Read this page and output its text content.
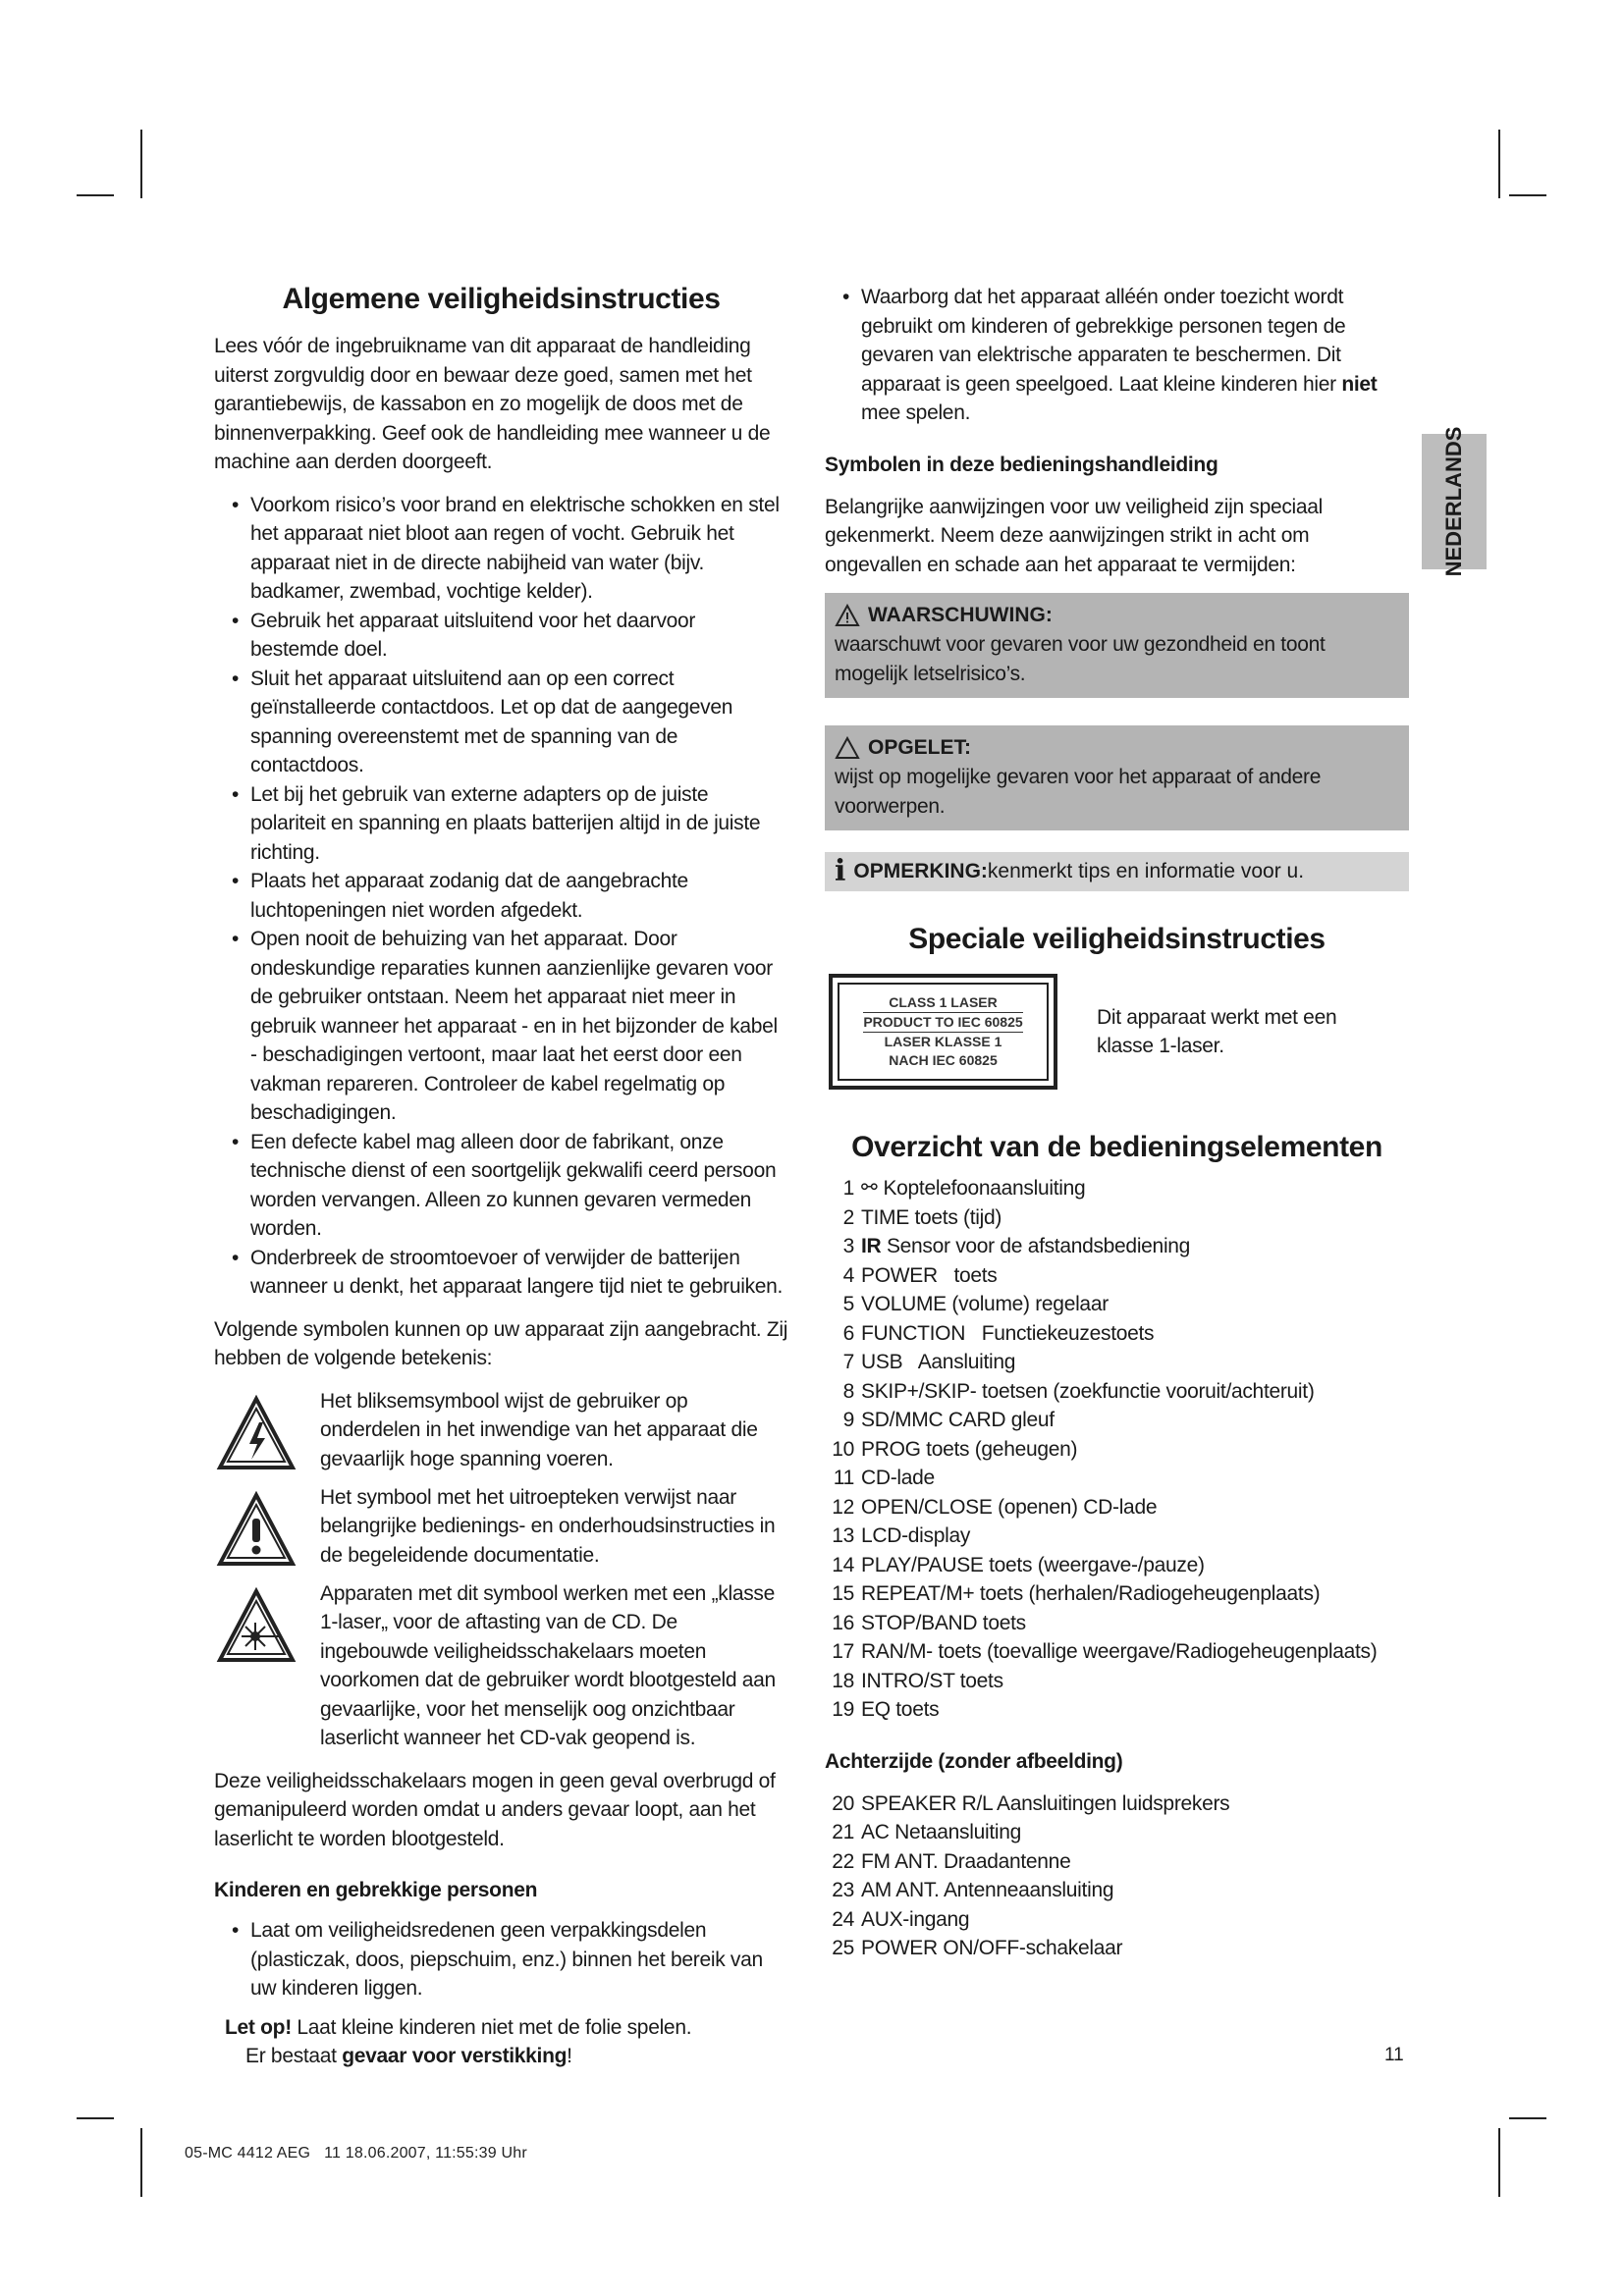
Algemene veiligheidsinstructies

Lees vóór de ingebruikname van dit apparaat de handleiding uiterst zorgvuldig door en bewaar deze goed, samen met het garantiebewijs, de kassabon en zo mogelijk de doos met de binnenverpakking. Geef ook de handleiding mee wanneer u de machine aan derden doorgeeft.

• Voorkom risico’s voor brand en elektrische schokken en stel het apparaat niet bloot aan regen of vocht. Gebruik het apparaat niet in de directe nabijheid van water (bijv. badkamer, zwembad, vochtige kelder).
• Gebruik het apparaat uitsluitend voor het daarvoor bestemde doel.
• Sluit het apparaat uitsluitend aan op een correct geïnstalleerde contactdoos. Let op dat de aangegeven spanning overeenstemt met de spanning van de contactdoos.
• Let bij het gebruik van externe adapters op de juiste polariteit en spanning en plaats batterijen altijd in de juiste richting.
• Plaats het apparaat zodanig dat de aangebrachte luchtopeningen niet worden afgedekt.
• Open nooit de behuizing van het apparaat. Door ondeskundige reparaties kunnen aanzienlijke gevaren voor de gebruiker ontstaan. Neem het apparaat niet meer in gebruik wanneer het apparaat - en in het bijzonder de kabel - beschadigingen vertoont, maar laat het eerst door een vakman repareren. Controleer de kabel regelmatig op beschadigingen.
• Een defecte kabel mag alleen door de fabrikant, onze technische dienst of een soortgelijk gekwalifi ceerd persoon worden vervangen. Alleen zo kunnen gevaren vermeden worden.
• Onderbreek de stroomtoevoer of verwijder de batterijen wanneer u denkt, het apparaat langere tijd niet te gebruiken.

Volgende symbolen kunnen op uw apparaat zijn aangebracht. Zij hebben de volgende betekenis:

Het bliksemsymbool wijst de gebruiker op onderdelen in het inwendige van het apparaat die gevaarlijk hoge spanning voeren.

Het symbool met het uitroepteken verwijst naar belangrijke bedienings- en onderhoudsinstructies in de begeleidende documentatie.

Apparaten met dit symbool werken met een „klasse 1-laser„ voor de aftasting van de CD. De ingebouwde veiligheidsschakelaars moeten voorkomen dat de gebruiker wordt blootgesteld aan gevaarlijke, voor het menselijk oog onzichtbaar laserlicht wanneer het CD-vak geopend is.

Deze veiligheidsschakelaars mogen in geen geval overbrugd of gemanipuleerd worden omdat u anders gevaar loopt, aan het laserlicht te worden blootgesteld.

Kinderen en gebrekkige personen
• Laat om veiligheidsredenen geen verpakkingsdelen (plasticzak, doos, piepschuim, enz.) binnen het bereik van uw kinderen liggen.

Let op! Laat kleine kinderen niet met de folie spelen.

Er bestaat gevaar voor verstikking!

• Waarborg dat het apparaat alléén onder toezicht wordt gebruikt om kinderen of gebrekkige personen tegen de gevaren van elektrische apparaten te beschermen. Dit apparaat is geen speelgoed. Laat kleine kinderen hier niet mee spelen.
Symbolen in deze bedieningshandleiding

Belangrijke aanwijzingen voor uw veiligheid zijn speciaal gekenmerkt. Neem deze aanwijzingen strikt in acht om ongevallen en schade aan het apparaat te vermijden:

WAARSCHUWING:

waarschuwt voor gevaren voor uw gezondheid en toont mogelijk letselrisico’s.

OPGELET:

wijst op mogelijke gevaren voor het apparaat of andere voorwerpen.

i OPMERKING: kenmerkt tips en informatie voor u.
Speciale veiligheidsinstructies
CLASS 1 LASER
PRODUCT TO IEC 60825
LASER KLASSE 1
NACH IEC 60825

Dit apparaat werkt met een klasse 1-laser.

Overzicht van de bedieningselementen
1 ⚯ Koptelefoonaansluiting
2 TIME toets (tijd)
3 IR Sensor voor de afstandsbediening
4 POWER   toets
5 VOLUME (volume) regelaar
6 FUNCTION   Functiekeuzestoets
7 USB   Aansluiting
8 SKIP+/SKIP- toetsen (zoekfunctie vooruit/achteruit)
9 SD/MMC CARD gleuf
10 PROG toets (geheugen)
11 CD-lade
12 OPEN/CLOSE (openen) CD-lade
13 LCD-display
14 PLAY/PAUSE toets (weergave-/pauze)
15 REPEAT/M+ toets (herhalen/Radiogeheugenplaats)
16 STOP/BAND toets
17 RAN/M- toets (toevallige weergave/Radiogeheugenplaats)
18 INTRO/ST toets
19 EQ toets
Achterzijde (zonder afbeelding)
20 SPEAKER R/L Aansluitingen luidsprekers
21 AC Netaansluiting
22 FM ANT. Draadantenne
23 AM ANT. Antenneaansluiting
24 AUX-ingang
25 POWER ON/OFF-schakelaar
NEDERLANDS
11
05-MC 4412 AEG   11 18.06.2007, 11:55:39 Uhr
